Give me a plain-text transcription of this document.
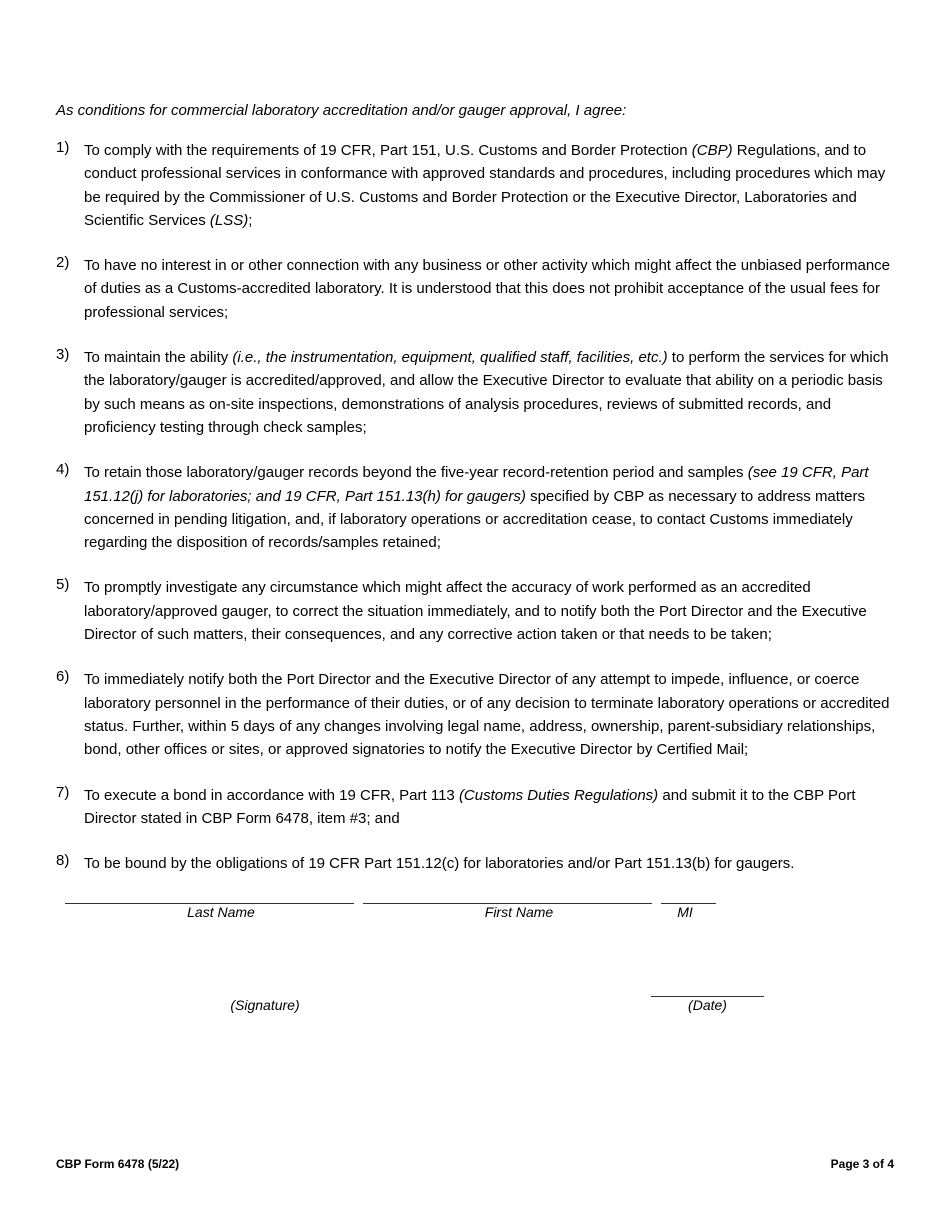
As conditions for commercial laboratory accreditation and/or gauger approval, I agree:
1) To comply with the requirements of 19 CFR, Part 151, U.S. Customs and Border Protection (CBP) Regulations, and to conduct professional services in conformance with approved standards and procedures, including procedures which may be required by the Commissioner of U.S. Customs and Border Protection or the Executive Director, Laboratories and Scientific Services (LSS);
2) To have no interest in or other connection with any business or other activity which might affect the unbiased performance of duties as a Customs-accredited laboratory. It is understood that this does not prohibit acceptance of the usual fees for professional services;
3) To maintain the ability (i.e., the instrumentation, equipment, qualified staff, facilities, etc.) to perform the services for which the laboratory/gauger is accredited/approved, and allow the Executive Director to evaluate that ability on a periodic basis by such means as on-site inspections, demonstrations of analysis procedures, reviews of submitted records, and proficiency testing through check samples;
4) To retain those laboratory/gauger records beyond the five-year record-retention period and samples (see 19 CFR, Part 151.12(j) for laboratories; and 19 CFR, Part 151.13(h) for gaugers) specified by CBP as necessary to address matters concerned in pending litigation, and, if laboratory operations or accreditation cease, to contact Customs immediately regarding the disposition of records/samples retained;
5) To promptly investigate any circumstance which might affect the accuracy of work performed as an accredited laboratory/approved gauger, to correct the situation immediately, and to notify both the Port Director and the Executive Director of such matters, their consequences, and any corrective action taken or that needs to be taken;
6) To immediately notify both the Port Director and the Executive Director of any attempt to impede, influence, or coerce laboratory personnel in the performance of their duties, or of any decision to terminate laboratory operations or accredited status. Further, within 5 days of any changes involving legal name, address, ownership, parent-subsidiary relationships, bond, other offices or sites, or approved signatories to notify the Executive Director by Certified Mail;
7) To execute a bond in accordance with 19 CFR, Part 113 (Customs Duties Regulations) and submit it to the CBP Port Director stated in CBP Form 6478, item #3; and
8) To be bound by the obligations of 19 CFR Part 151.12(c) for laboratories and/or Part 151.13(b) for gaugers.
Last Name	First Name	MI
(Signature)	(Date)
CBP Form 6478 (5/22)	Page 3 of 4
